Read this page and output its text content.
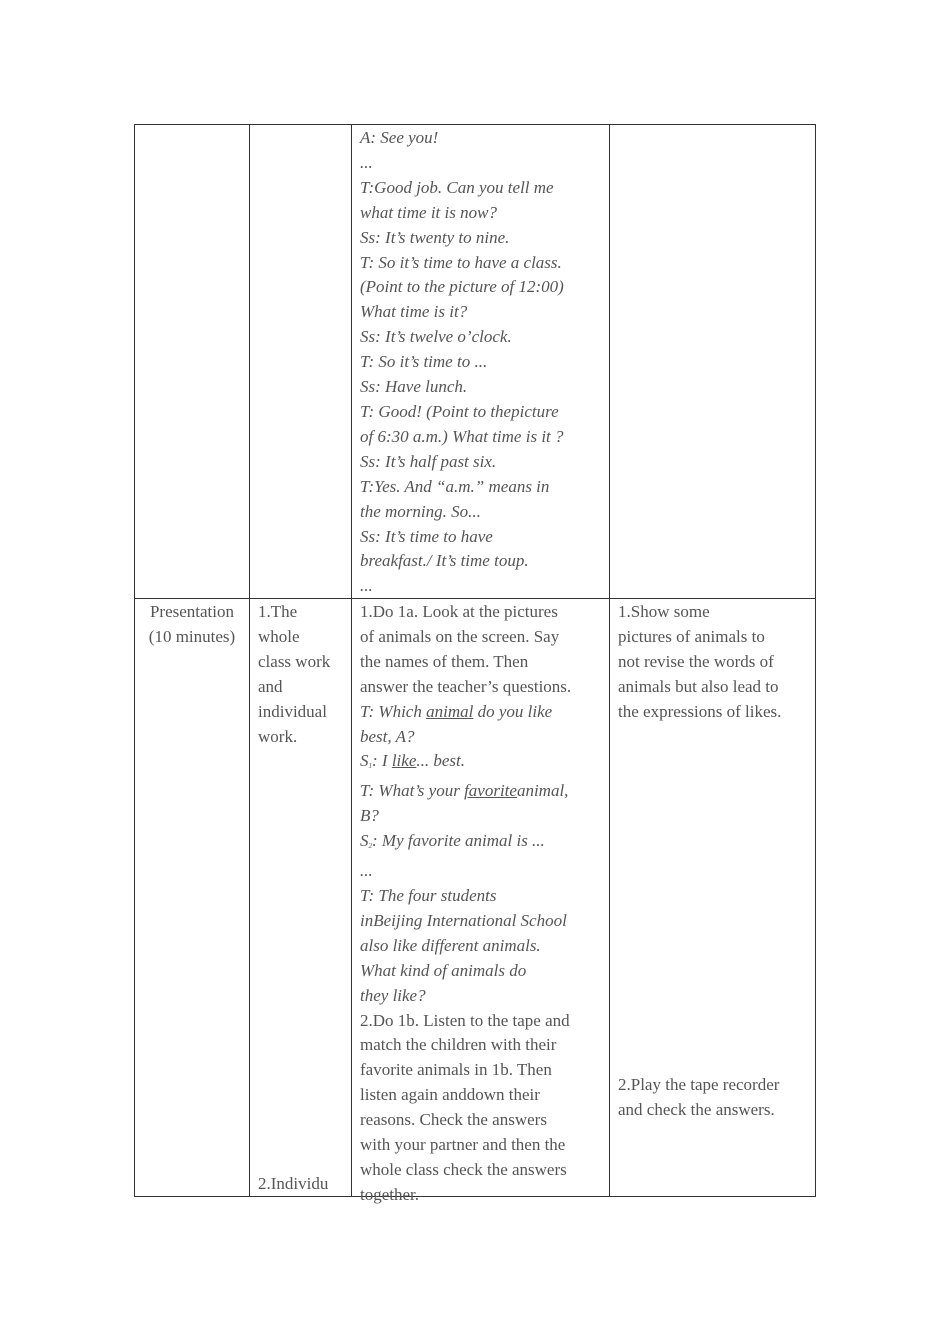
A: See you!
...
T:Good job. Can you tell me
what time it is now?
Ss: It’s twenty to nine.
T: So it’s time to have a class.
(Point to the picture of 12:00)
What time is it?
Ss: It’s twelve o’clock.
T: So it’s time to ...
Ss: Have lunch.
T: Good! (Point to thepicture
of 6:30 a.m.) What time is it ?
Ss: It’s half past six.
T:Yes. And “a.m.” means in
the morning. So...
Ss: It’s time to have
breakfast./ It’s time toup.
...
Presentation
(10 minutes)
1.The
whole
class work
and
individual
work.
2.Individu
1.Do 1a. Look at the pictures
of animals on the screen. Say
the names of them. Then
answer the teacher’s questions.
T: Which animal do you like
best, A?
$S_1$: I like... best.
T: What’s your favoriteanimal,
B?
$S_2$: My favorite animal is ...
...
T: The four students
inBeijing International School
also like different animals.
What kind of animals do
they like?
2.Do 1b. Listen to the tape and
match the children with their
favorite animals in 1b. Then
listen again anddown their
reasons. Check the answers
with your partner and then the
whole class check the answers
together.
1.Show some
pictures of animals to
not revise the words of
animals but also lead to
the expressions of likes.
2.Play the tape recorder
and check the answers.
